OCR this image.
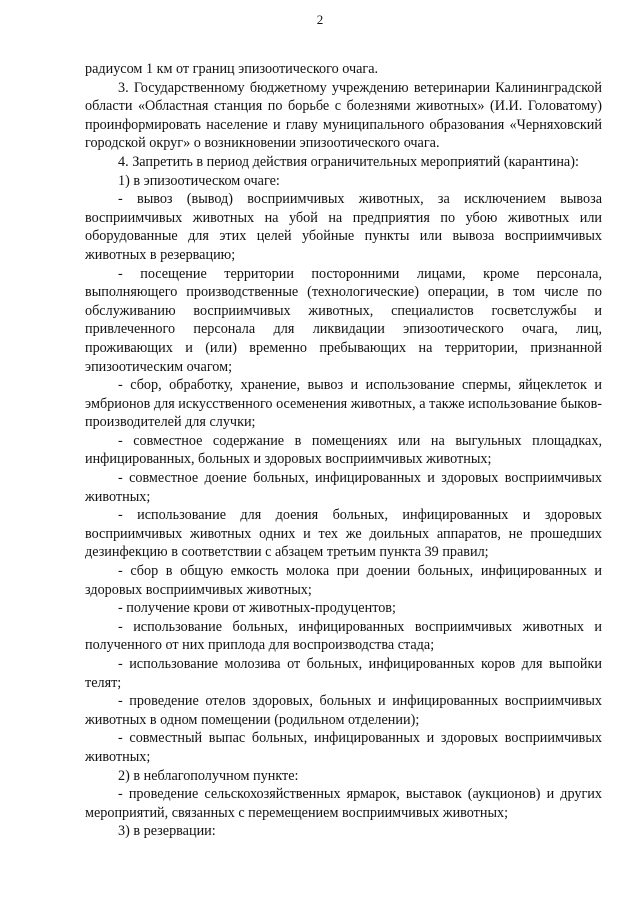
2

радиусом 1 км от границ эпизоотического очага.

3. Государственному бюджетному учреждению ветеринарии Калининградской области «Областная станция по борьбе с болезнями животных» (И.И. Головатому) проинформировать население и главу муниципального образования «Черняховский городской округ» о возникновении эпизоотического очага.

4. Запретить в период действия ограничительных мероприятий (карантина):

1) в эпизоотическом очаге:

- вывоз (вывод) восприимчивых животных, за исключением вывоза восприимчивых животных на убой на предприятия по убою животных или оборудованные для этих целей убойные пункты или вывоза восприимчивых животных в резервацию;

- посещение территории посторонними лицами, кроме персонала, выполняющего производственные (технологические) операции, в том числе по обслуживанию восприимчивых животных, специалистов госветслужбы и привлеченного персонала для ликвидации эпизоотического очага, лиц, проживающих и (или) временно пребывающих на территории, признанной эпизоотическим очагом;

- сбор, обработку, хранение, вывоз и использование спермы, яйцеклеток и эмбрионов для искусственного осеменения животных, а также использование быков-производителей для случки;

- совместное содержание в помещениях или на выгульных площадках, инфицированных, больных и здоровых восприимчивых животных;

- совместное доение больных, инфицированных и здоровых восприимчивых животных;

- использование для доения больных, инфицированных и здоровых восприимчивых животных одних и тех же доильных аппаратов, не прошедших дезинфекцию в соответствии с абзацем третьим пункта 39 правил;

- сбор в общую емкость молока при доении больных, инфицированных и здоровых восприимчивых животных;

- получение крови от животных-продуцентов;

- использование больных, инфицированных восприимчивых животных и полученного от них приплода для воспроизводства стада;

- использование молозива от больных, инфицированных коров для выпойки телят;

- проведение отелов здоровых, больных и инфицированных восприимчивых животных в одном помещении (родильном отделении);

- совместный выпас больных, инфицированных и здоровых восприимчивых животных;

2) в неблагополучном пункте:

- проведение сельскохозяйственных ярмарок, выставок (аукционов) и других мероприятий, связанных с перемещением восприимчивых животных;

3) в резервации:
